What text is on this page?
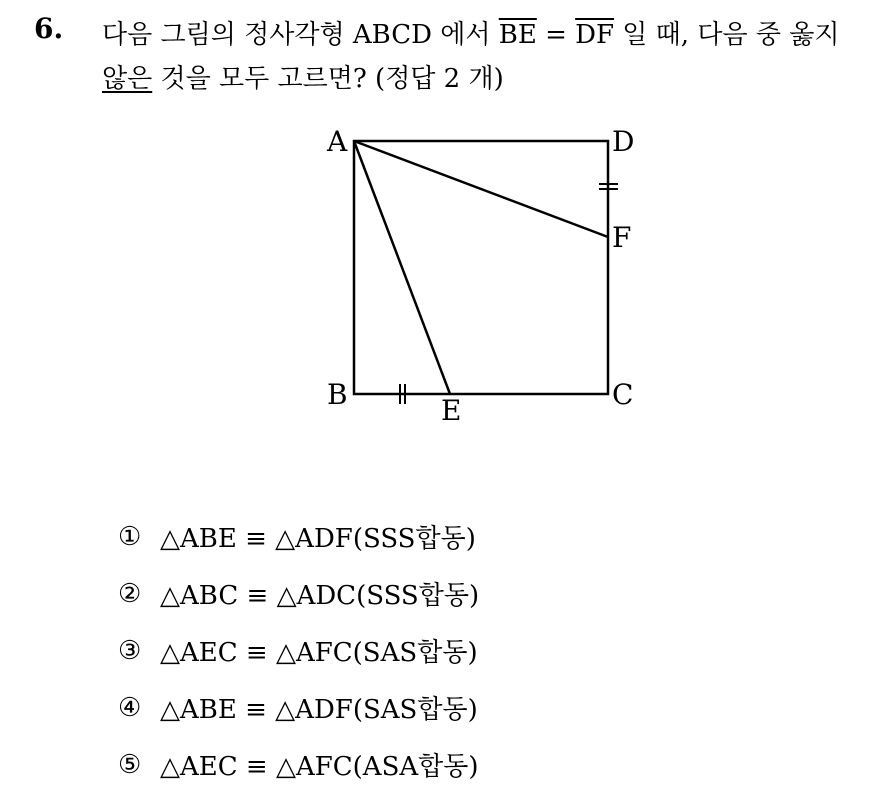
6. 다음 그림의 정사각형 ABCD 에서 $\overline{BE} = \overline{DF}$ 일 때, 다음 중 옳지
않은 것을 모두 고르면? (정답 2 개)
A	D
F
B	C
E
① △ABE ≡ △ADF(SSS합동)
② △ABC ≡ △ADC(SSS합동)
③ △AEC ≡ △AFC(SAS합동)
④ △ABE ≡ △ADF(SAS합동)
⑤ △AEC ≡ △AFC(ASA합동)
